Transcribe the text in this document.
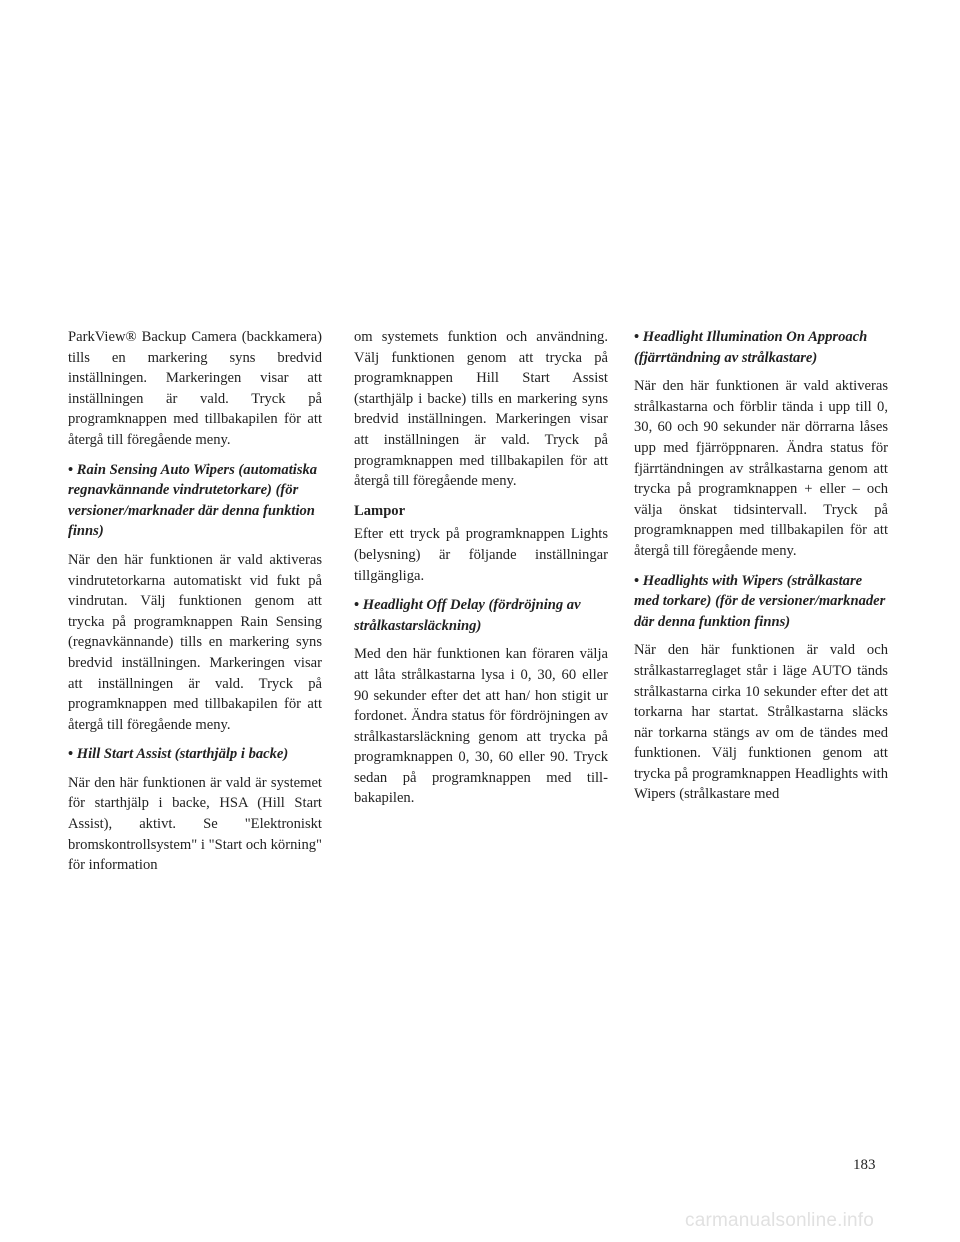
ParkView® Backup Camera (backkamera) tills en markering syns bredvid inställningen. Markeringen visar att inställningen är vald. Tryck på programknappen med tillbakapilen för att återgå till föregående meny.

• Rain Sensing Auto Wipers (automatiska regnavkännande vindrutetorkare) (för versioner/marknader där denna funktion finns)

När den här funktionen är vald aktiveras vindrutetorkarna automatiskt vid fukt på vindrutan. Välj funktionen genom att trycka på programknappen Rain Sensing (regnavkännande) tills en markering syns bredvid inställningen. Markeringen visar att inställningen är vald. Tryck på programknappen med tillbakapilen för att återgå till föregående meny.

• Hill Start Assist (starthjälp i backe)

När den här funktionen är vald är systemet för starthjälp i backe, HSA (Hill Start Assist), aktivt. Se "Elektroniskt bromskontrollsystem" i "Start och körning" för information

om systemets funktion och användning. Välj funktionen genom att trycka på programknappen Hill Start Assist (starthjälp i backe) tills en markering syns bredvid inställningen. Markeringen visar att inställningen är vald. Tryck på programknappen med tillbakapilen för att återgå till föregående meny.

Lampor

Efter ett tryck på programknappen Lights (belysning) är följande inställningar tillgängliga.

• Headlight Off Delay (fördröjning av strålkastarsläckning)

Med den här funktionen kan föraren välja att låta strålkastarna lysa i 0, 30, 60 eller 90 sekunder efter det att han/ hon stigit ur fordonet. Ändra status för fördröjningen av strålkastarsläckning genom att trycka på programknappen 0, 30, 60 eller 90. Tryck sedan på programknappen med tillbakapilen.

• Headlight Illumination On Approach (fjärrtändning av strålkastare)

När den här funktionen är vald aktiveras strålkastarna och förblir tända i upp till 0, 30, 60 och 90 sekunder när dörrarna låses upp med fjärröppnaren. Ändra status för fjärrtändningen av strålkastarna genom att trycka på programknappen + eller – och välja önskat tidsintervall. Tryck på programknappen med tillbakapilen för att återgå till föregående meny.

• Headlights with Wipers (strålkastare med torkare) (för de versioner/marknader där denna funktion finns)

När den här funktionen är vald och strålkastarreglaget står i läge AUTO tänds strålkastarna cirka 10 sekunder efter det att torkarna har startat. Strålkastarna släcks när torkarna stängs av om de tändes med funktionen. Välj funktionen genom att trycka på programknappen Headlights with Wipers (strålkastare med

183
carmanualsonline.info
